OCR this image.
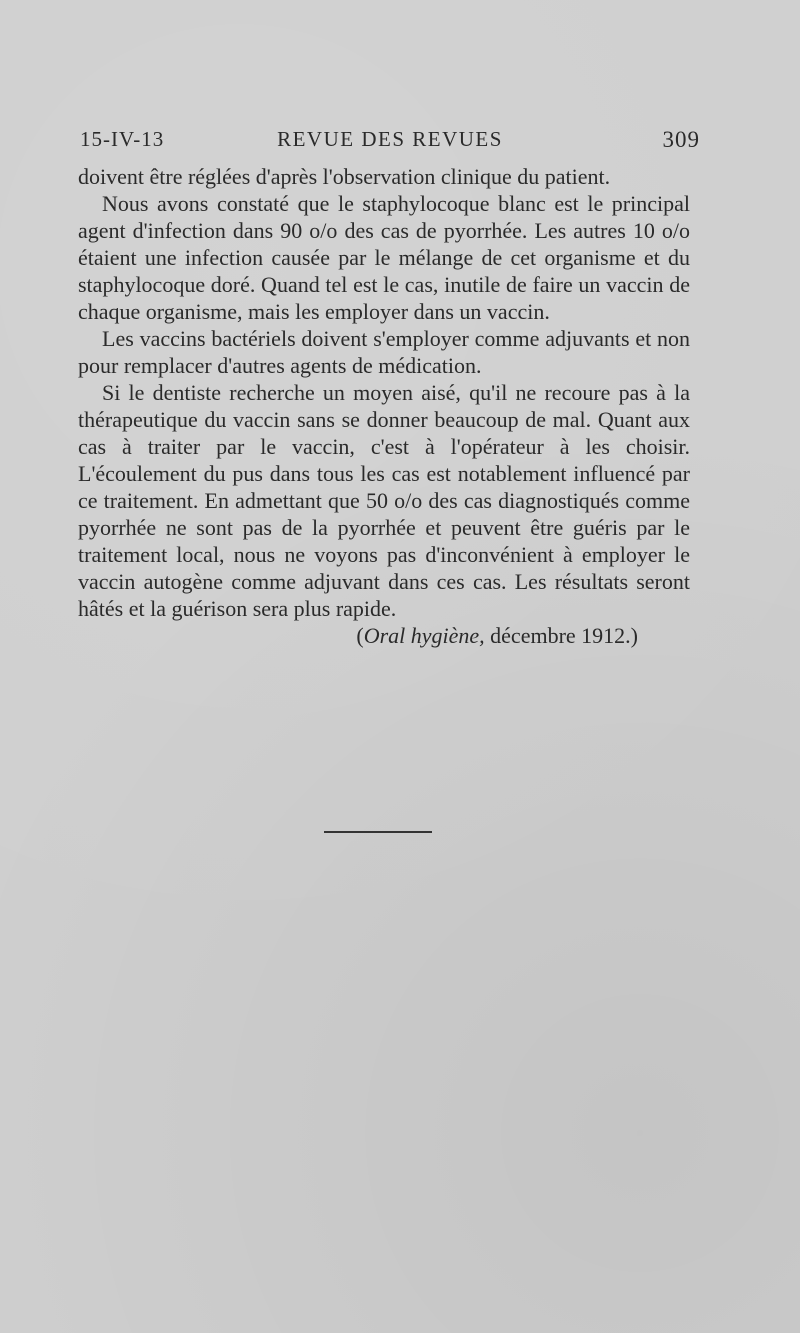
15-IV-13	REVUE DES REVUES	309

doivent être réglées d'après l'observation clinique du patient.

Nous avons constaté que le staphylocoque blanc est le principal agent d'infection dans 90 o/o des cas de pyorrhée. Les autres 10 o/o étaient une infection causée par le mélange de cet organisme et du staphylocoque doré. Quand tel est le cas, inutile de faire un vaccin de chaque organisme, mais les employer dans un vaccin.

Les vaccins bactériels doivent s'employer comme adjuvants et non pour remplacer d'autres agents de médication.

Si le dentiste recherche un moyen aisé, qu'il ne recoure pas à la thérapeutique du vaccin sans se donner beaucoup de mal. Quant aux cas à traiter par le vaccin, c'est à l'opérateur à les choisir. L'écoulement du pus dans tous les cas est notablement influencé par ce traitement. En admettant que 50 o/o des cas diagnostiqués comme pyorrhée ne sont pas de la pyorrhée et peuvent être guéris par le traitement local, nous ne voyons pas d'inconvénient à employer le vaccin autogène comme adjuvant dans ces cas. Les résultats seront hâtés et la guérison sera plus rapide.

(Oral hygiène, décembre 1912.)
